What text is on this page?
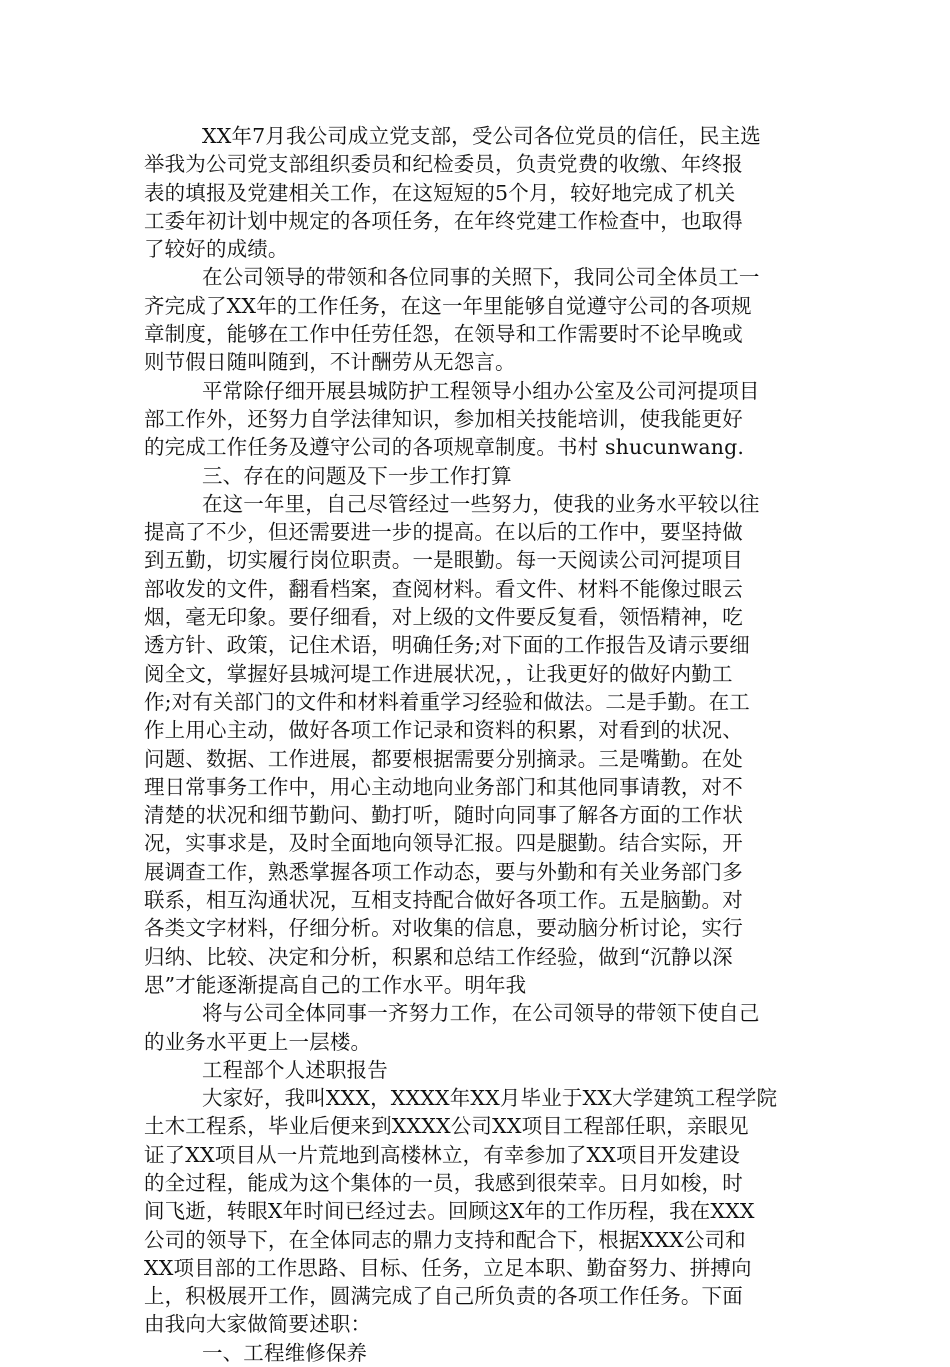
XX年7月我公司成立党支部，受公司各位党员的信任，民主选
举我为公司党支部组织委员和纪检委员，负责党费的收缴、年终报
表的填报及党建相关工作，在这短短的5个月，较好地完成了机关
工委年初计划中规定的各项任务，在年终党建工作检查中，也取得
了较好的成绩。
在公司领导的带领和各位同事的关照下，我同公司全体员工一
齐完成了XX年的工作任务，在这一年里能够自觉遵守公司的各项规
章制度，能够在工作中任劳任怨，在领导和工作需要时不论早晚或
则节假日随叫随到，不计酬劳从无怨言。
平常除仔细开展县城防护工程领导小组办公室及公司河提项目
部工作外，还努力自学法律知识，参加相关技能培训，使我能更好
的完成工作任务及遵守公司的各项规章制度。书村 shucunwang.
三、存在的问题及下一步工作打算
在这一年里，自己尽管经过一些努力，使我的业务水平较以往
提高了不少，但还需要进一步的提高。在以后的工作中，要坚持做
到五勤，切实履行岗位职责。一是眼勤。每一天阅读公司河提项目
部收发的文件，翻看档案，查阅材料。看文件、材料不能像过眼云
烟，毫无印象。要仔细看，对上级的文件要反复看，领悟精神，吃
透方针、政策，记住术语，明确任务;对下面的工作报告及请示要细
阅全文，掌握好县城河堤工作进展状况，，让我更好的做好内勤工
作;对有关部门的文件和材料着重学习经验和做法。二是手勤。在工
作上用心主动，做好各项工作记录和资料的积累，对看到的状况、
问题、数据、工作进展，都要根据需要分别摘录。三是嘴勤。在处
理日常事务工作中，用心主动地向业务部门和其他同事请教，对不
清楚的状况和细节勤问、勤打听，随时向同事了解各方面的工作状
况，实事求是，及时全面地向领导汇报。四是腿勤。结合实际，开
展调查工作，熟悉掌握各项工作动态，要与外勤和有关业务部门多
联系，相互沟通状况，互相支持配合做好各项工作。五是脑勤。对
各类文字材料，仔细分析。对收集的信息，要动脑分析讨论，实行
归纳、比较、决定和分析，积累和总结工作经验，做到“沉静以深
思”才能逐渐提高自己的工作水平。明年我
将与公司全体同事一齐努力工作，在公司领导的带领下使自己
的业务水平更上一层楼。
工程部个人述职报告
大家好，我叫XXX，XXXX年XX月毕业于XX大学建筑工程学院
土木工程系，毕业后便来到XXXX公司XX项目工程部任职，亲眼见
证了XX项目从一片荒地到高楼林立，有幸参加了XX项目开发建设
的全过程，能成为这个集体的一员，我感到很荣幸。日月如梭，时
间飞逝，转眼X年时间已经过去。回顾这X年的工作历程，我在XXX
公司的领导下，在全体同志的鼎力支持和配合下，根据XXX公司和
XX项目部的工作思路、目标、任务，立足本职、勤奋努力、拼搏向
上，积极展开工作，圆满完成了自己所负责的各项工作任务。下面
由我向大家做简要述职：
一、工程维修保养
